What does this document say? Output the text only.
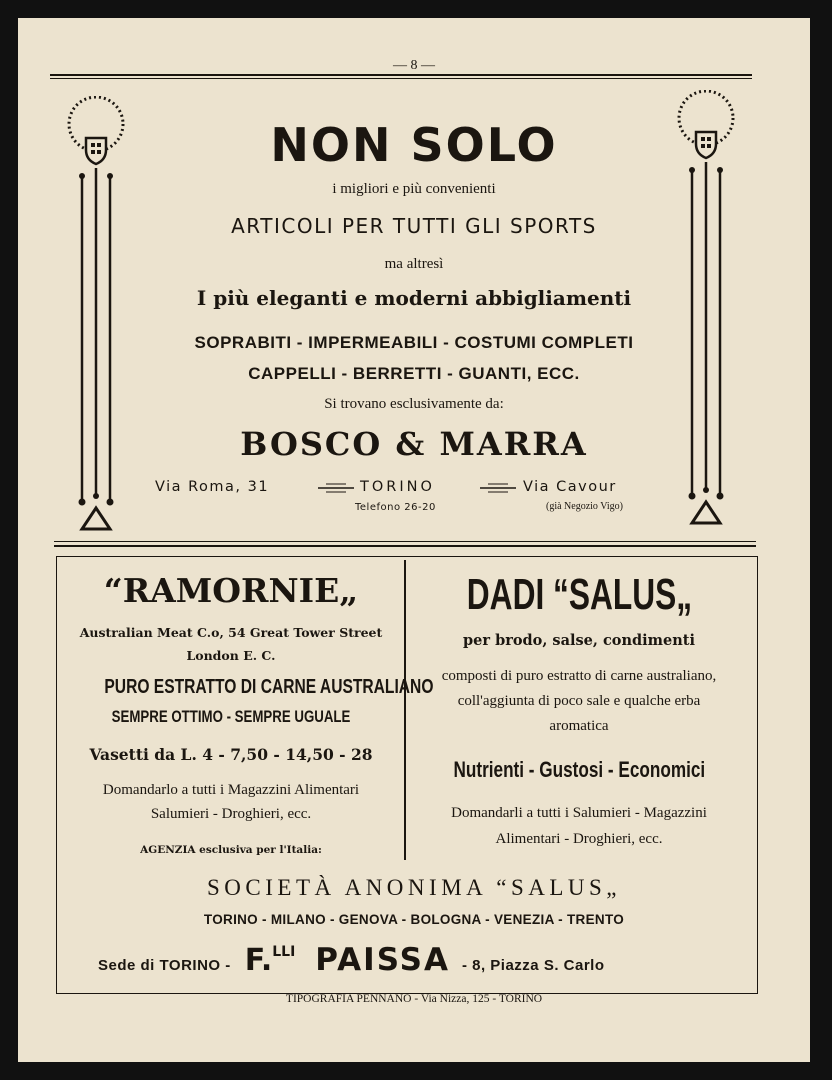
— 8 —
NON SOLO
i migliori e più convenienti
ARTICOLI PER TUTTI GLI SPORTS
ma altresì
I più eleganti e moderni abbigliamenti
SOPRABITI - IMPERMEABILI - COSTUMI COMPLETI
CAPPELLI - BERRETTI - GUANTI, ECC.
Si trovano esclusivamente da:
BOSCO & MARRA
Via Roma, 31	TORINO	Via Cavour
Telefono 26-20	(già Negozio Vigo)
“RAMORNIE„
Australian Meat C.o, 54 Great Tower Street
London E. C.
PURO ESTRATTO DI CARNE AUSTRALIANO
SEMPRE OTTIMO - SEMPRE UGUALE
Vasetti da L. 4 - 7,50 - 14,50 - 28
Domandarlo a tutti i Magazzini Alimentari
Salumieri - Droghieri, ecc.
AGENZIA esclusiva per l'Italia:
DADI “SALUS„
per brodo, salse, condimenti
composti di puro estratto di carne australiano,
coll'aggiunta di poco sale e qualche erba
aromatica
Nutrienti - Gustosi - Economici
Domandarli a tutti i Salumieri - Magazzini
Alimentari - Droghieri, ecc.
SOCIETÀ ANONIMA “SALUS„
TORINO - MILANO - GENOVA - BOLOGNA - VENEZIA - TRENTO
Sede di TORINO - F.LLI PAISSA - 8, Piazza S. Carlo
TIPOGRAFIA PENNANO - Via Nizza, 125 - TORINO
